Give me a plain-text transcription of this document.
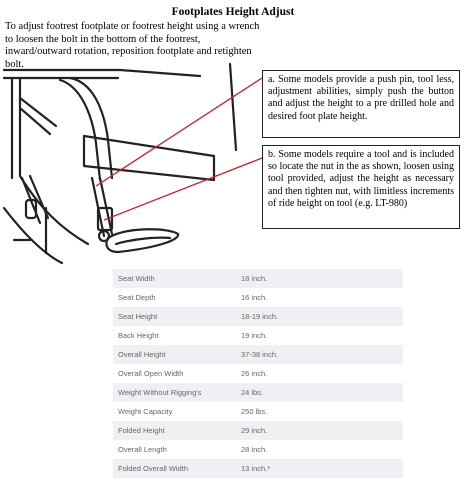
Footplates Height Adjust
To adjust footrest footplate or footrest height using a wrench to loosen the bolt in the bottom of the footrest, inward/outward rotation, reposition footplate and retighten bolt.
a. Some models provide a push pin, tool less, adjustment abilities, simply push the button and adjust the height to a pre drilled hole and desired foot plate height.
b. Some models require a tool and is included so locate the nut in the as shown, loosen using tool provided, adjust the height as necessary and then tighten nut, with limitless increments of ride height on tool (e.g. LT-980)
Seat Width	18 inch.
Seat Depth	16 inch.
Seat Height	18-19 inch.
Back Height	19 inch.
Overall Height	37-38 inch.
Overall Open Width	26 inch.
Weight Without Rigging's	24 lbs.
Weight Capacity	250 lbs.
Folded Height	29 inch.
Overall Length	28 inch.
Folded Overall Width	13 inch.*
